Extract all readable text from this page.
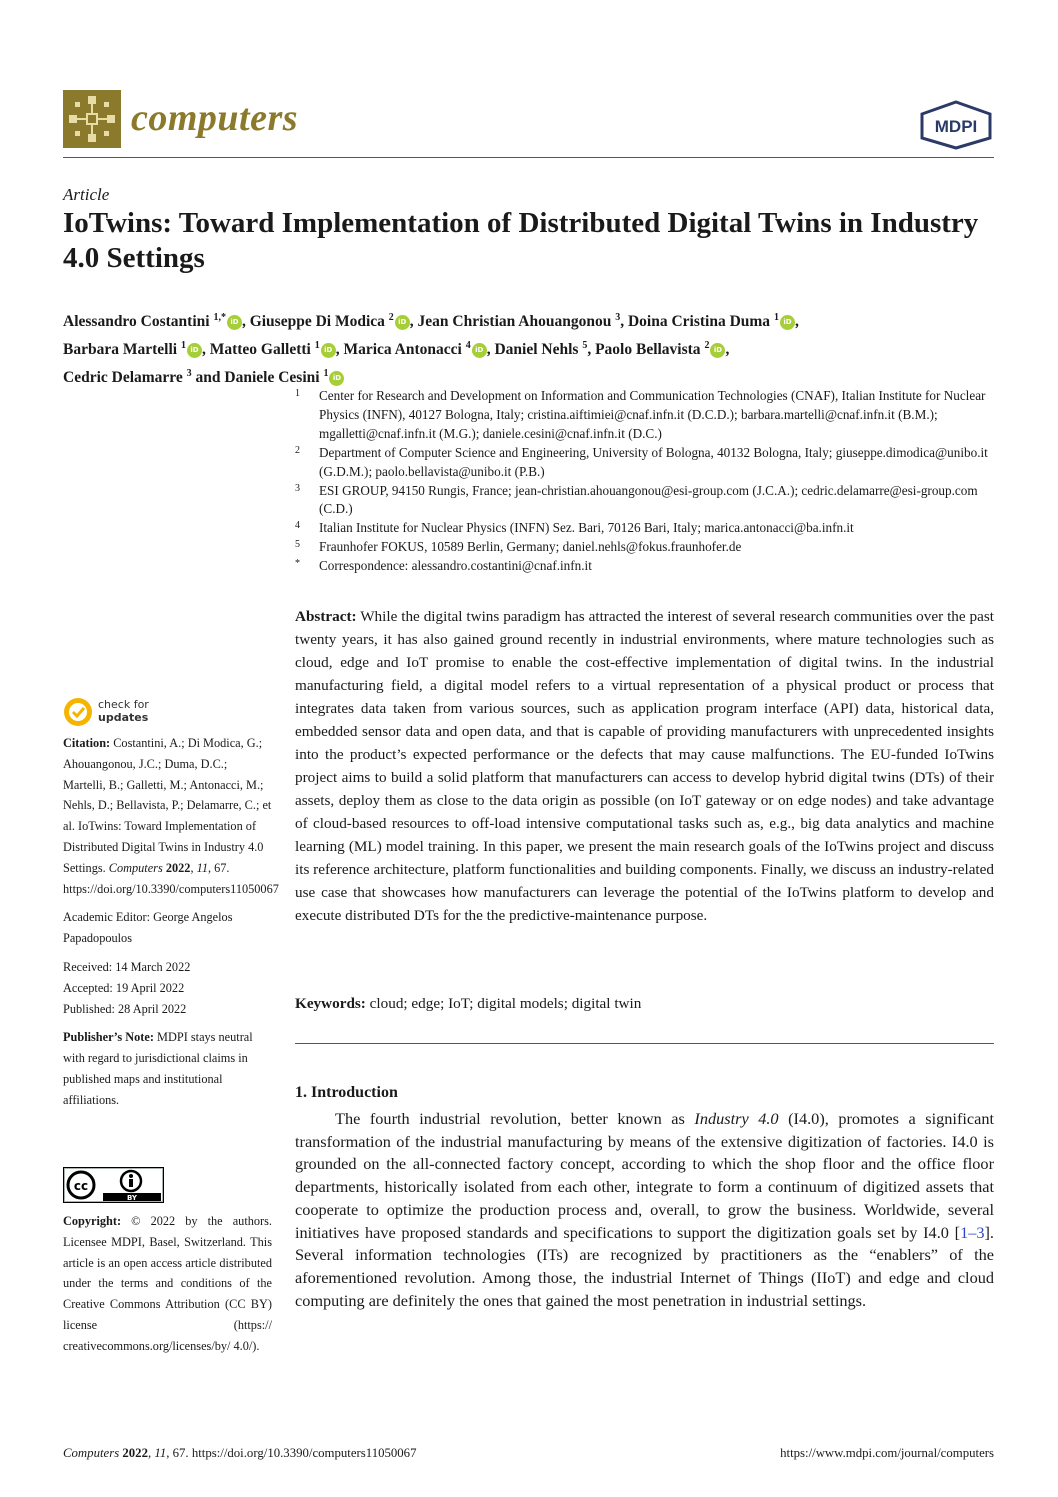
computers	MDPI
Article
IoTwins: Toward Implementation of Distributed Digital Twins in Industry 4.0 Settings
Alessandro Costantini $^{1,*}$ iD , Giuseppe Di Modica $^2$ iD , Jean Christian Ahouangonou $^3$, Doina Cristina Duma $^1$ iD ,
Barbara Martelli $^1$ iD , Matteo Galletti $^1$ iD , Marica Antonacci $^4$ iD , Daniel Nehls $^5$, Paolo Bellavista $^2$ iD ,
Cedric Delamarre $^3$ and Daniele Cesini $^1$ iD
1	Center for Research and Development on Information and Communication Technologies (CNAF), Italian Institute for Nuclear Physics (INFN), 40127 Bologna, Italy; cristina.aiftimiei@cnaf.infn.it (D.C.D.); barbara.martelli@cnaf.infn.it (B.M.); mgalletti@cnaf.infn.it (M.G.); daniele.cesini@cnaf.infn.it (D.C.)
2	Department of Computer Science and Engineering, University of Bologna, 40132 Bologna, Italy; giuseppe.dimodica@unibo.it (G.D.M.); paolo.bellavista@unibo.it (P.B.)
3	ESI GROUP, 94150 Rungis, France; jean-christian.ahouangonou@esi-group.com (J.C.A.); cedric.delamarre@esi-group.com (C.D.)
4	Italian Institute for Nuclear Physics (INFN) Sez. Bari, 70126 Bari, Italy; marica.antonacci@ba.infn.it
5	Fraunhofer FOKUS, 10589 Berlin, Germany; daniel.nehls@fokus.fraunhofer.de
*	Correspondence: alessandro.costantini@cnaf.infn.it
Abstract: While the digital twins paradigm has attracted the interest of several research communities over the past twenty years, it has also gained ground recently in industrial environments, where mature technologies such as cloud, edge and IoT promise to enable the cost-effective implementation of digital twins. In the industrial manufacturing field, a digital model refers to a virtual representation of a physical product or process that integrates data taken from various sources, such as application program interface (API) data, historical data, embedded sensor data and open data, and that is capable of providing manufacturers with unprecedented insights into the product’s expected performance or the defects that may cause malfunctions. The EU-funded IoTwins project aims to build a solid platform that manufacturers can access to develop hybrid digital twins (DTs) of their assets, deploy them as close to the data origin as possible (on IoT gateway or on edge nodes) and take advantage of cloud-based resources to off-load intensive computational tasks such as, e.g., big data analytics and machine learning (ML) model training. In this paper, we present the main research goals of the IoTwins project and discuss its reference architecture, platform functionalities and building components. Finally, we discuss an industry-related use case that showcases how manufacturers can leverage the potential of the IoTwins platform to develop and execute distributed DTs for the the predictive-maintenance purpose.
Keywords: cloud; edge; IoT; digital models; digital twin
1. Introduction
The fourth industrial revolution, better known as Industry 4.0 (I4.0), promotes a significant transformation of the industrial manufacturing by means of the extensive digitization of factories. I4.0 is grounded on the all-connected factory concept, according to which the shop floor and the office floor departments, historically isolated from each other, integrate to form a continuum of digitized assets that cooperate to optimize the production process and, overall, to grow the business. Worldwide, several initiatives have proposed standards and specifications to support the digitization goals set by I4.0 [1–3]. Several information technologies (ITs) are recognized by practitioners as the “enablers” of the aforementioned revolution. Among those, the industrial Internet of Things (IIoT) and edge and cloud computing are definitely the ones that gained the most penetration in industrial settings.
check for
updates
Citation: Costantini, A.; Di Modica, G.; Ahouangonou, J.C.; Duma, D.C.; Martelli, B.; Galletti, M.; Antonacci, M.; Nehls, D.; Bellavista, P.; Delamarre, C.; et al. IoTwins: Toward Implementation of Distributed Digital Twins in Industry 4.0 Settings. Computers 2022, 11, 67. https://doi.org/10.3390/computers11050067
Academic Editor: George Angelos Papadopoulos
Received: 14 March 2022
Accepted: 19 April 2022
Published: 28 April 2022
Publisher’s Note: MDPI stays neutral with regard to jurisdictional claims in published maps and institutional affiliations.
cc
BY
Copyright: © 2022 by the authors. Licensee MDPI, Basel, Switzerland. This article is an open access article distributed under the terms and conditions of the Creative Commons Attribution (CC BY) license (https:// creativecommons.org/licenses/by/ 4.0/).
Computers 2022, 11, 67. https://doi.org/10.3390/computers11050067	https://www.mdpi.com/journal/computers
